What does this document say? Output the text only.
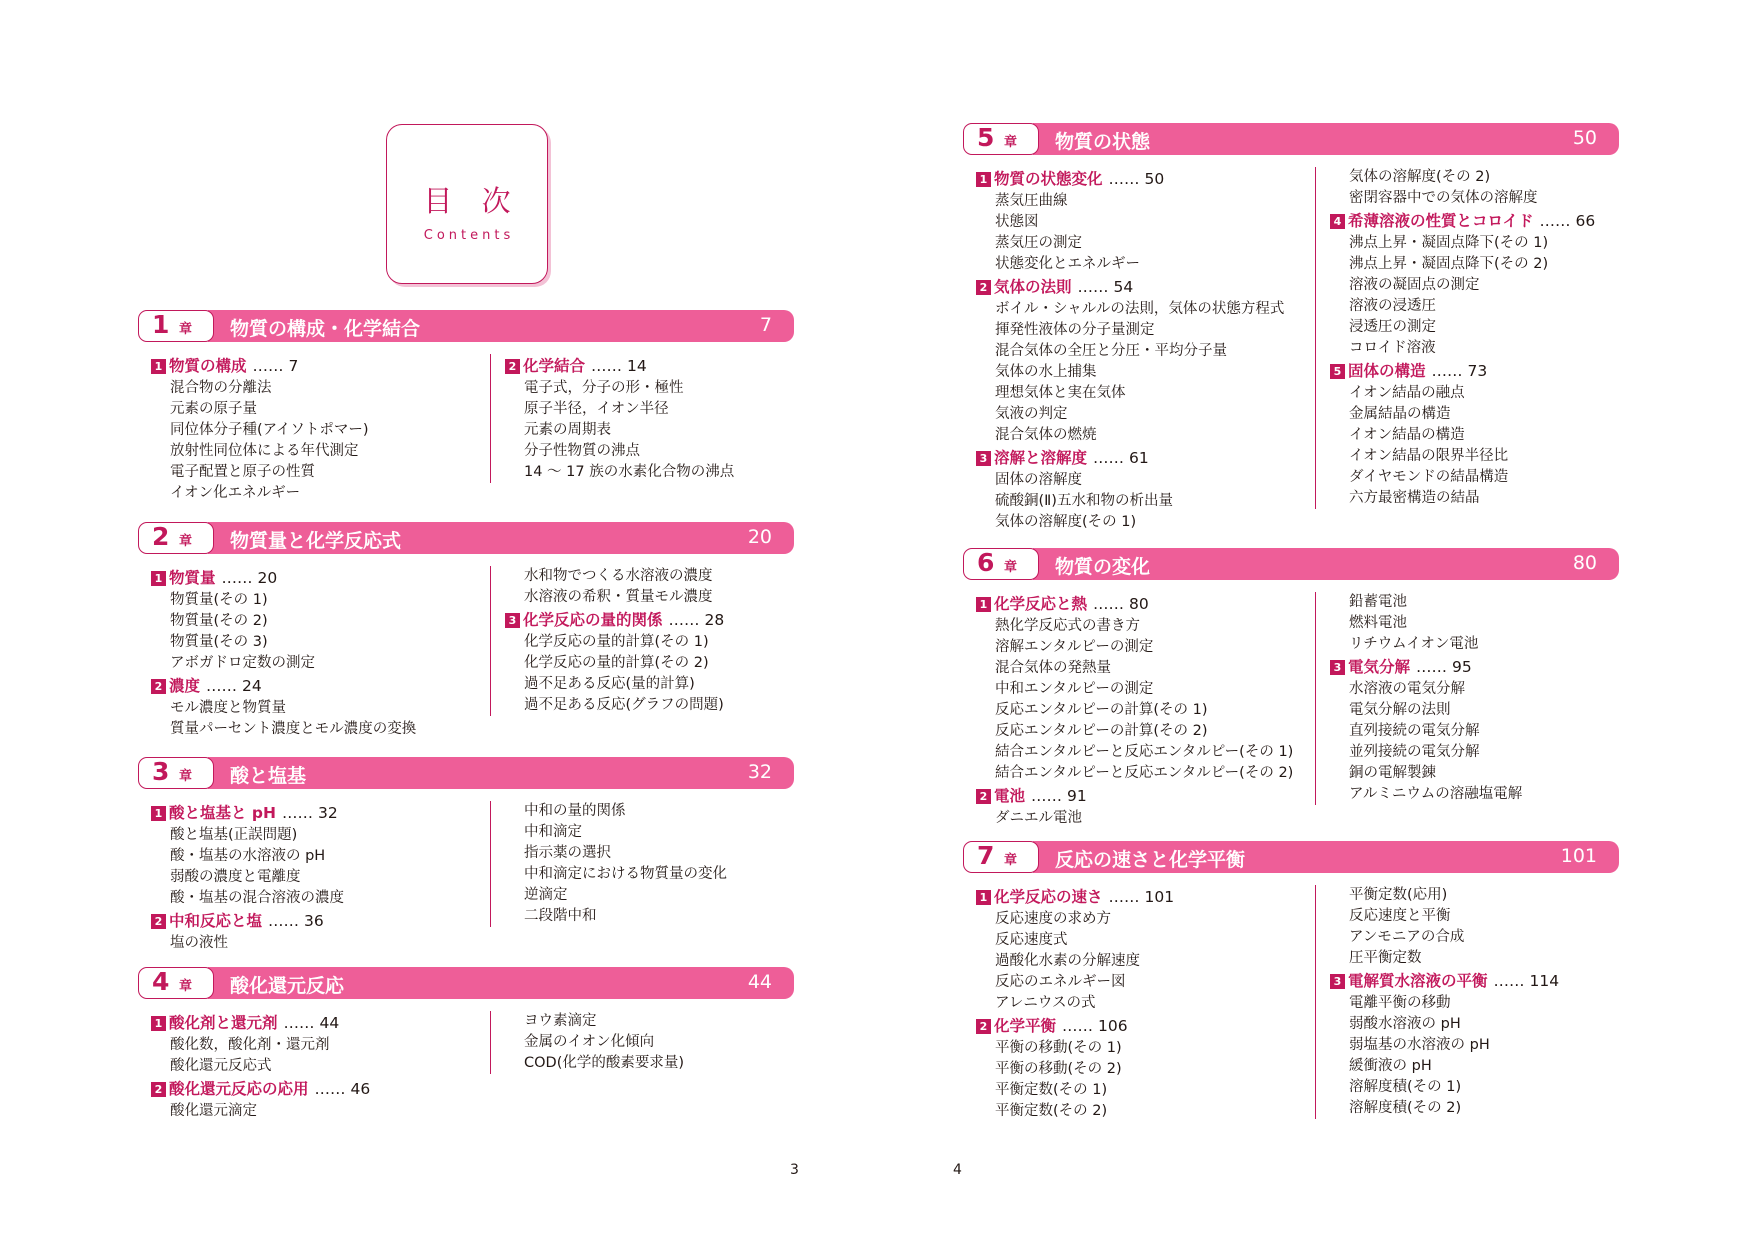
目 次
Contents
1 章 物質の構成・化学結合	7
1 物質の構成 …… 7
混合物の分離法
元素の原子量
同位体分子種(アイソトポマー)
放射性同位体による年代測定
電子配置と原子の性質
イオン化エネルギー
2 化学結合 …… 14
電子式，分子の形・極性
原子半径，イオン半径
元素の周期表
分子性物質の沸点
14 ～ 17 族の水素化合物の沸点
2 章 物質量と化学反応式	20
1 物質量 …… 20
物質量(その 1)
物質量(その 2)
物質量(その 3)
アボガドロ定数の測定
2 濃度 …… 24
モル濃度と物質量
質量パーセント濃度とモル濃度の変換
水和物でつくる水溶液の濃度
水溶液の希釈・質量モル濃度
3 化学反応の量的関係 …… 28
化学反応の量的計算(その 1)
化学反応の量的計算(その 2)
過不足ある反応(量的計算)
過不足ある反応(グラフの問題)
3 章 酸と塩基	32
1 酸と塩基と pH …… 32
酸と塩基(正誤問題)
酸・塩基の水溶液の pH
弱酸の濃度と電離度
酸・塩基の混合溶液の濃度
2 中和反応と塩 …… 36
塩の液性
中和の量的関係
中和滴定
指示薬の選択
中和滴定における物質量の変化
逆滴定
二段階中和
4 章 酸化還元反応	44
1 酸化剤と還元剤 …… 44
酸化数，酸化剤・還元剤
酸化還元反応式
2 酸化還元反応の応用 …… 46
酸化還元滴定
ヨウ素滴定
金属のイオン化傾向
COD(化学的酸素要求量)
3
5 章 物質の状態	50
1 物質の状態変化 …… 50
蒸気圧曲線
状態図
蒸気圧の測定
状態変化とエネルギー
2 気体の法則 …… 54
ボイル・シャルルの法則，気体の状態方程式
揮発性液体の分子量測定
混合気体の全圧と分圧・平均分子量
気体の水上捕集
理想気体と実在気体
気液の判定
混合気体の燃焼
3 溶解と溶解度 …… 61
固体の溶解度
硫酸銅(Ⅱ)五水和物の析出量
気体の溶解度(その 1)
気体の溶解度(その 2)
密閉容器中での気体の溶解度
4 希薄溶液の性質とコロイド …… 66
沸点上昇・凝固点降下(その 1)
沸点上昇・凝固点降下(その 2)
溶液の凝固点の測定
溶液の浸透圧
浸透圧の測定
コロイド溶液
5 固体の構造 …… 73
イオン結晶の融点
金属結晶の構造
イオン結晶の構造
イオン結晶の限界半径比
ダイヤモンドの結晶構造
六方最密構造の結晶
6 章 物質の変化	80
1 化学反応と熱 …… 80
熱化学反応式の書き方
溶解エンタルピーの測定
混合気体の発熱量
中和エンタルピーの測定
反応エンタルピーの計算(その 1)
反応エンタルピーの計算(その 2)
結合エンタルピーと反応エンタルピー(その 1)
結合エンタルピーと反応エンタルピー(その 2)
2 電池 …… 91
ダニエル電池
鉛蓄電池
燃料電池
リチウムイオン電池
3 電気分解 …… 95
水溶液の電気分解
電気分解の法則
直列接続の電気分解
並列接続の電気分解
銅の電解製錬
アルミニウムの溶融塩電解
7 章 反応の速さと化学平衡	101
1 化学反応の速さ …… 101
反応速度の求め方
反応速度式
過酸化水素の分解速度
反応のエネルギー図
アレニウスの式
2 化学平衡 …… 106
平衡の移動(その 1)
平衡の移動(その 2)
平衡定数(その 1)
平衡定数(その 2)
平衡定数(応用)
反応速度と平衡
アンモニアの合成
圧平衡定数
3 電解質水溶液の平衡 …… 114
電離平衡の移動
弱酸水溶液の pH
弱塩基の水溶液の pH
緩衝液の pH
溶解度積(その 1)
溶解度積(その 2)
4
